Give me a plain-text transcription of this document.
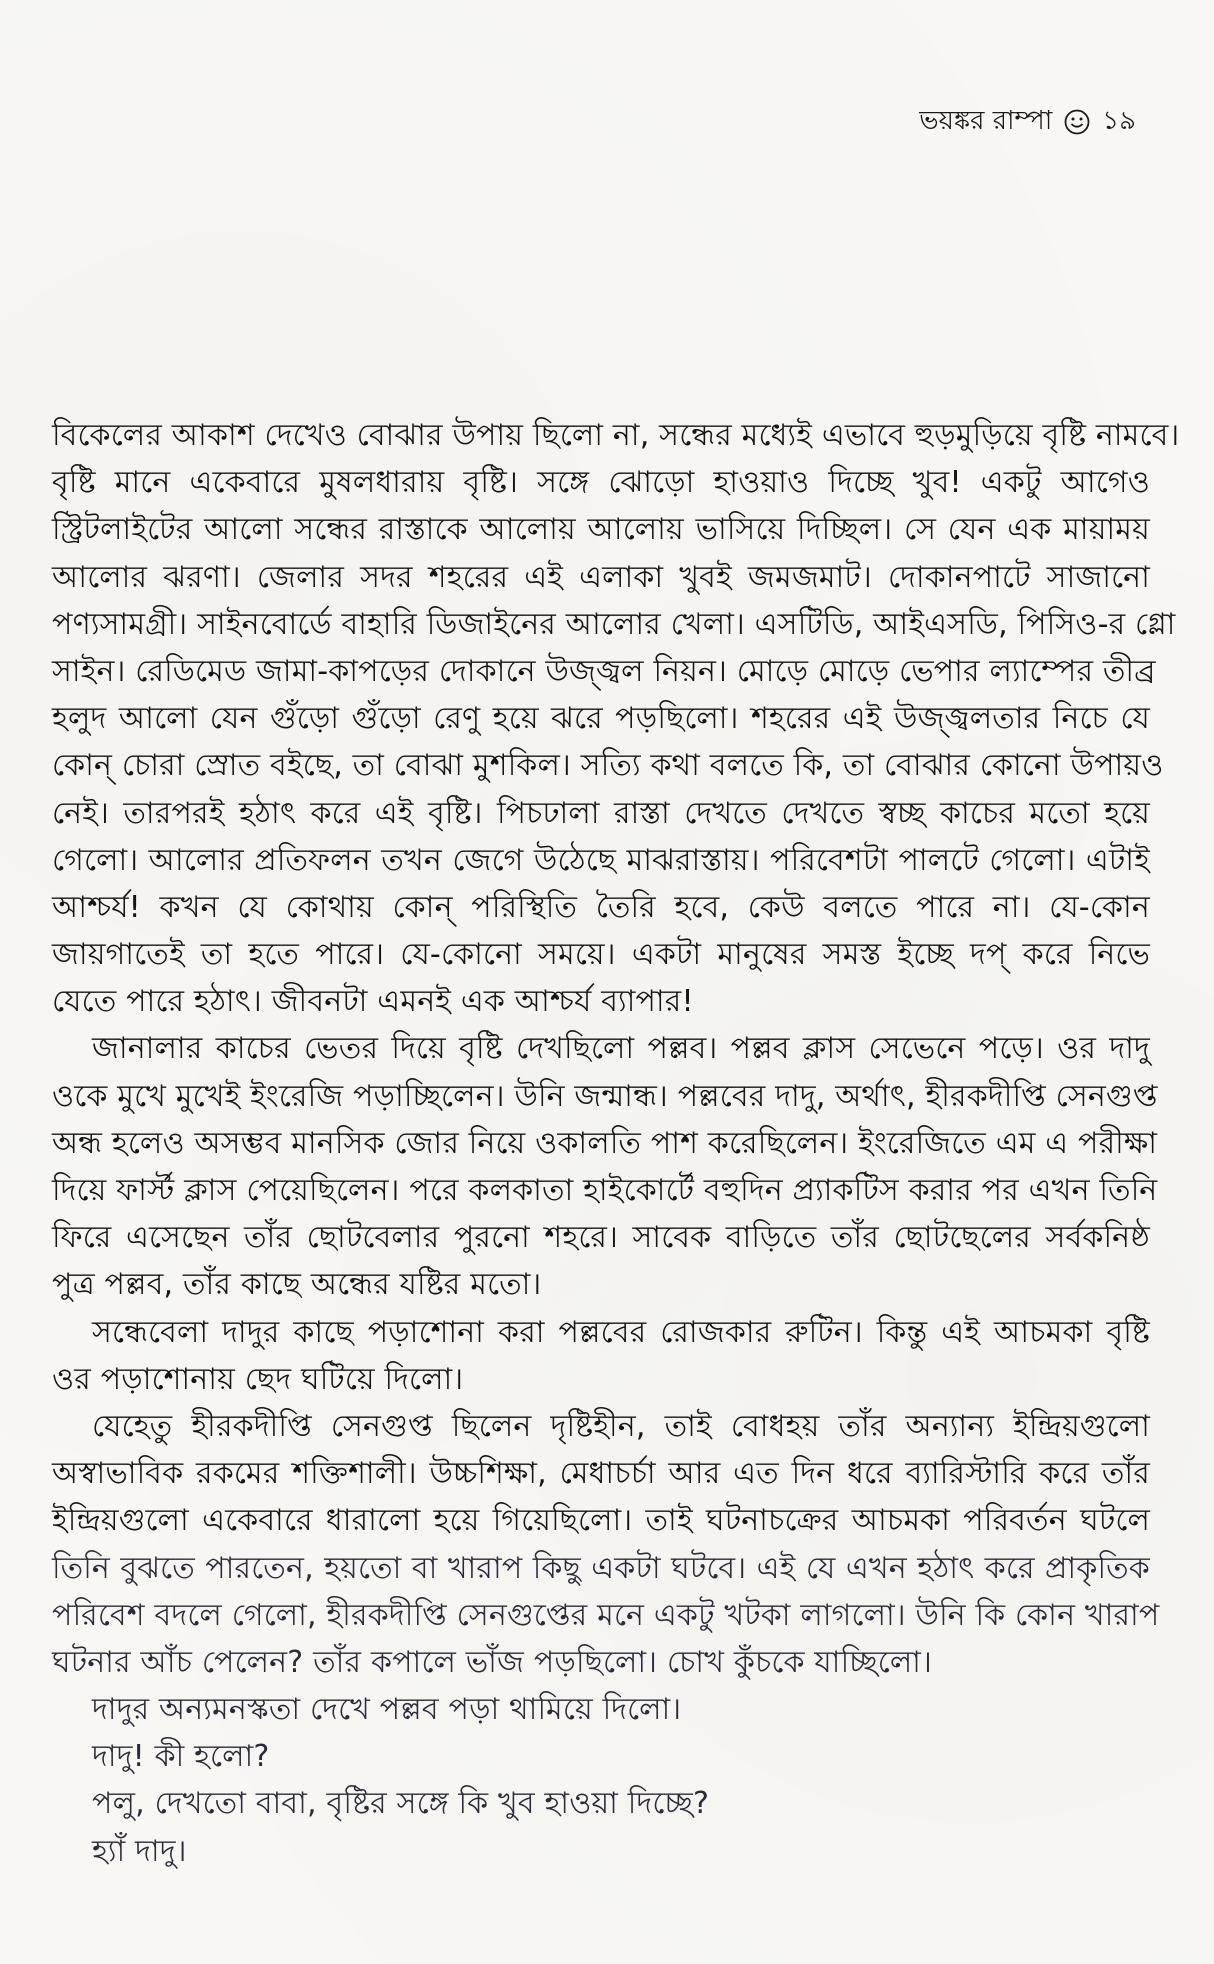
ভয়ঙ্কর রাম্পা ১৯
বিকেলের আকাশ দেখেও বোঝার উপায় ছিলো না, সন্ধের মধ্যেই এভাবে হুড়মুড়িয়ে বৃষ্টি নামবে।
বৃষ্টি মানে একেবারে মুষলধারায় বৃষ্টি। সঙ্গে ঝোড়ো হাওয়াও দিচ্ছে খুব! একটু আগেও
স্ট্রিটলাইটের আলো সন্ধের রাস্তাকে আলোয় আলোয় ভাসিয়ে দিচ্ছিল। সে যেন এক মায়াময়
আলোর ঝরণা। জেলার সদর শহরের এই এলাকা খুবই জমজমাট। দোকানপাটে সাজানো
পণ্যসামগ্রী। সাইনবোর্ডে বাহারি ডিজাইনের আলোর খেলা। এসটিডি, আইএসডি, পিসিও-র গ্লো
সাইন। রেডিমেড জামা-কাপড়ের দোকানে উজ্জ্বল নিয়ন। মোড়ে মোড়ে ভেপার ল্যাম্পের তীব্র
হলুদ আলো যেন গুঁড়ো গুঁড়ো রেণু হয়ে ঝরে পড়ছিলো। শহরের এই উজ্জ্বলতার নিচে যে
কোন্ চোরা স্রোত বইছে, তা বোঝা মুশকিল। সত্যি কথা বলতে কি, তা বোঝার কোনো উপায়ও
নেই। তারপরই হঠাৎ করে এই বৃষ্টি। পিচঢালা রাস্তা দেখতে দেখতে স্বচ্ছ কাচের মতো হয়ে
গেলো। আলোর প্রতিফলন তখন জেগে উঠেছে মাঝরাস্তায়। পরিবেশটা পালটে গেলো। এটাই
আশ্চর্য! কখন যে কোথায় কোন্ পরিস্থিতি তৈরি হবে, কেউ বলতে পারে না। যে-কোন
জায়গাতেই তা হতে পারে। যে-কোনো সময়ে। একটা মানুষের সমস্ত ইচ্ছে দপ্ করে নিভে
যেতে পারে হঠাৎ। জীবনটা এমনই এক আশ্চর্য ব্যাপার!
জানালার কাচের ভেতর দিয়ে বৃষ্টি দেখছিলো পল্লব। পল্লব ক্লাস সেভেনে পড়ে। ওর দাদু
ওকে মুখে মুখেই ইংরেজি পড়াচ্ছিলেন। উনি জন্মান্ধ। পল্লবের দাদু, অর্থাৎ, হীরকদীপ্তি সেনগুপ্ত
অন্ধ হলেও অসম্ভব মানসিক জোর নিয়ে ওকালতি পাশ করেছিলেন। ইংরেজিতে এম এ পরীক্ষা
দিয়ে ফার্স্ট ক্লাস পেয়েছিলেন। পরে কলকাতা হাইকোর্টে বহুদিন প্র্যাকটিস করার পর এখন তিনি
ফিরে এসেছেন তাঁর ছোটবেলার পুরনো শহরে। সাবেক বাড়িতে তাঁর ছোটছেলের সর্বকনিষ্ঠ
পুত্র পল্লব, তাঁর কাছে অন্ধের যষ্টির মতো।
সন্ধেবেলা দাদুর কাছে পড়াশোনা করা পল্লবের রোজকার রুটিন। কিন্তু এই আচমকা বৃষ্টি
ওর পড়াশোনায় ছেদ ঘটিয়ে দিলো।
যেহেতু হীরকদীপ্তি সেনগুপ্ত ছিলেন দৃষ্টিহীন, তাই বোধহয় তাঁর অন্যান্য ইন্দ্রিয়গুলো
অস্বাভাবিক রকমের শক্তিশালী। উচ্চশিক্ষা, মেধাচর্চা আর এত দিন ধরে ব্যারিস্টারি করে তাঁর
ইন্দ্রিয়গুলো একেবারে ধারালো হয়ে গিয়েছিলো। তাই ঘটনাচক্রের আচমকা পরিবর্তন ঘটলে
তিনি বুঝতে পারতেন, হয়তো বা খারাপ কিছু একটা ঘটবে। এই যে এখন হঠাৎ করে প্রাকৃতিক
পরিবেশ বদলে গেলো, হীরকদীপ্তি সেনগুপ্তের মনে একটু খটকা লাগলো। উনি কি কোন খারাপ
ঘটনার আঁচ পেলেন? তাঁর কপালে ভাঁজ পড়ছিলো। চোখ কুঁচকে যাচ্ছিলো।
দাদুর অন্যমনস্কতা দেখে পল্লব পড়া থামিয়ে দিলো।
দাদু! কী হলো?
পলু, দেখতো বাবা, বৃষ্টির সঙ্গে কি খুব হাওয়া দিচ্ছে?
হ্যাঁ দাদু।
